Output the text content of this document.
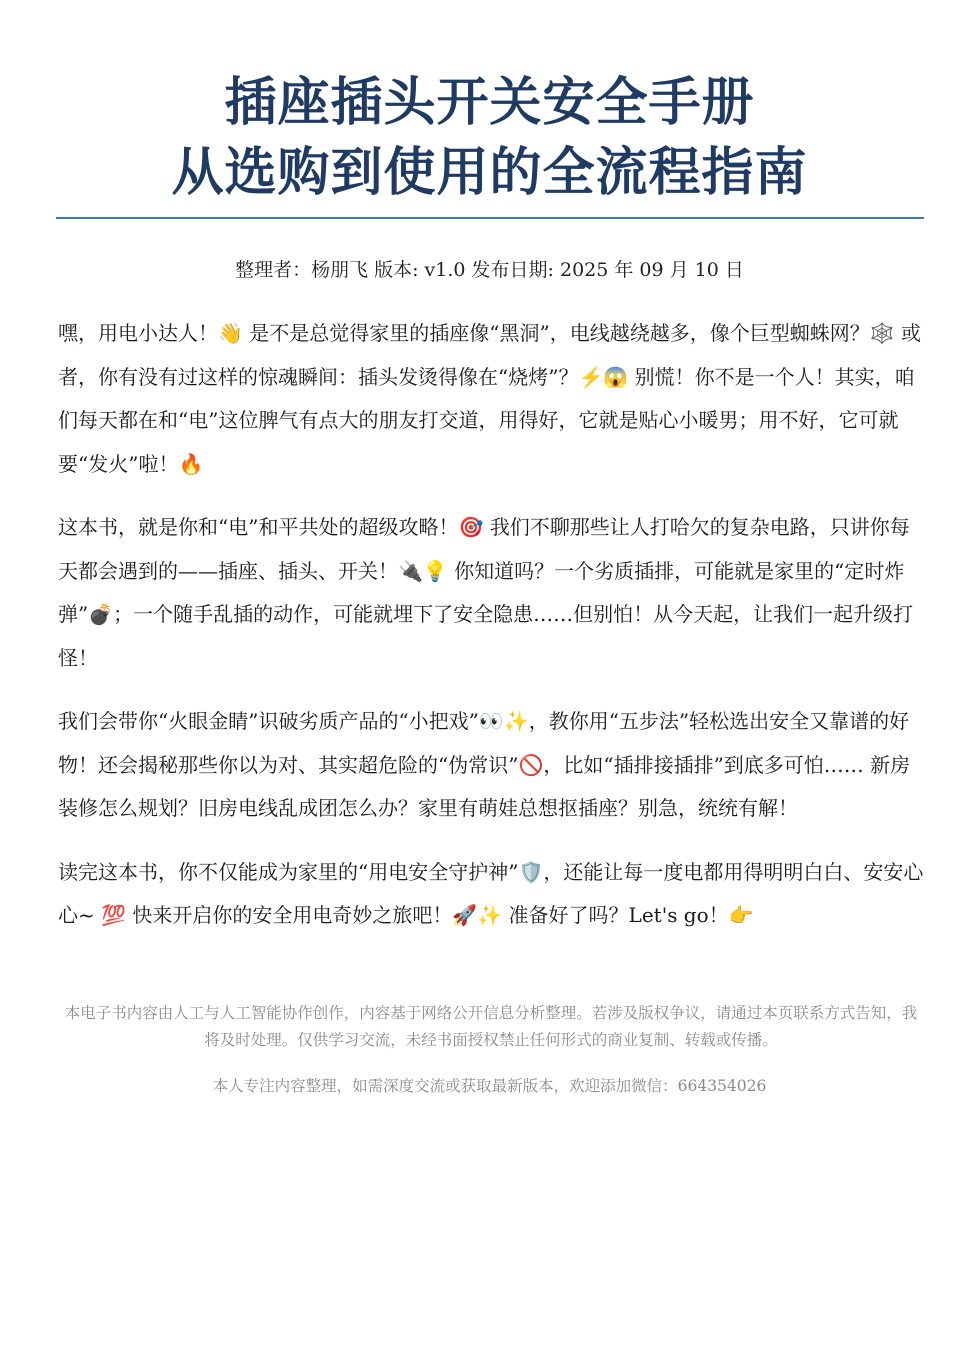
插座插头开关安全手册
从选购到使用的全流程指南
整理者：杨朋飞 版本: v1.0 发布日期: 2025 年 09 月 10 日

嘿，用电小达人！👋 是不是总觉得家里的插座像“黑洞”，电线越绕越多，像个巨型蜘蛛网？🕸️ 或者，你有没有过这样的惊魂瞬间：插头发烫得像在“烧烤”？⚡😱 别慌！你不是一个人！其实，咱们每天都在和“电”这位脾气有点大的朋友打交道，用得好，它就是贴心小暖男；用不好，它可就要“发火”啦！🔥

这本书，就是你和“电”和平共处的超级攻略！🎯 我们不聊那些让人打哈欠的复杂电路，只讲你每天都会遇到的——插座、插头、开关！🔌💡 你知道吗？一个劣质插排，可能就是家里的“定时炸弹”💣；一个随手乱插的动作，可能就埋下了安全隐患……但别怕！从今天起，让我们一起升级打怪！

我们会带你“火眼金睛”识破劣质产品的“小把戏”👀✨，教你用“五步法”轻松选出安全又靠谱的好物！还会揭秘那些你以为对、其实超危险的“伪常识”🚫，比如“插排接插排”到底多可怕…… 新房装修怎么规划？旧房电线乱成团怎么办？家里有萌娃总想抠插座？别急，统统有解！

读完这本书，你不仅能成为家里的“用电安全守护神”🛡️，还能让每一度电都用得明明白白、安安心心~ 💯 快来开启你的安全用电奇妙之旅吧！🚀✨ 准备好了吗？Let's go！👉

本电子书内容由人工与人工智能协作创作，内容基于网络公开信息分析整理。若涉及版权争议，请通过本页联系方式告知，我将及时处理。仅供学习交流，未经书面授权禁止任何形式的商业复制、转载或传播。
本人专注内容整理，如需深度交流或获取最新版本，欢迎添加微信：664354026
